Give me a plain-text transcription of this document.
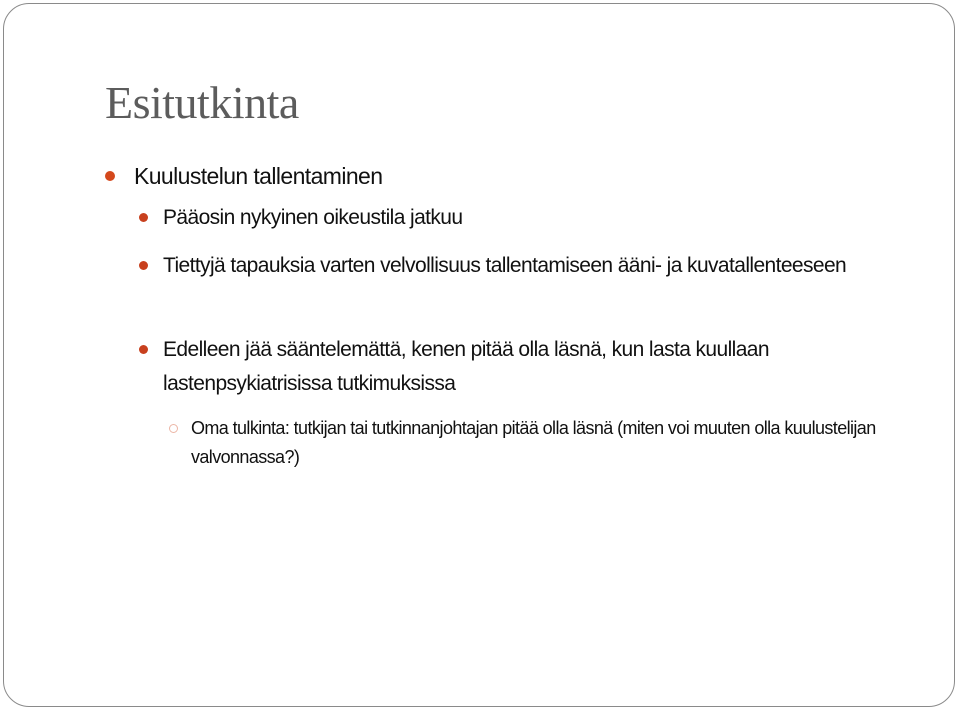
Esitutkinta
Kuulustelun tallentaminen
Pääosin nykyinen oikeustila jatkuu
Tiettyjä tapauksia varten velvollisuus tallentamiseen ääni- ja kuvatallenteeseen
Edelleen jää sääntelemättä, kenen pitää olla läsnä, kun lasta kuullaan lastenpsykiatrisissa tutkimuksissa
Oma tulkinta: tutkijan tai tutkinnanjohtajan pitää olla läsnä (miten voi muuten olla kuulustelijan valvonnassa?)
